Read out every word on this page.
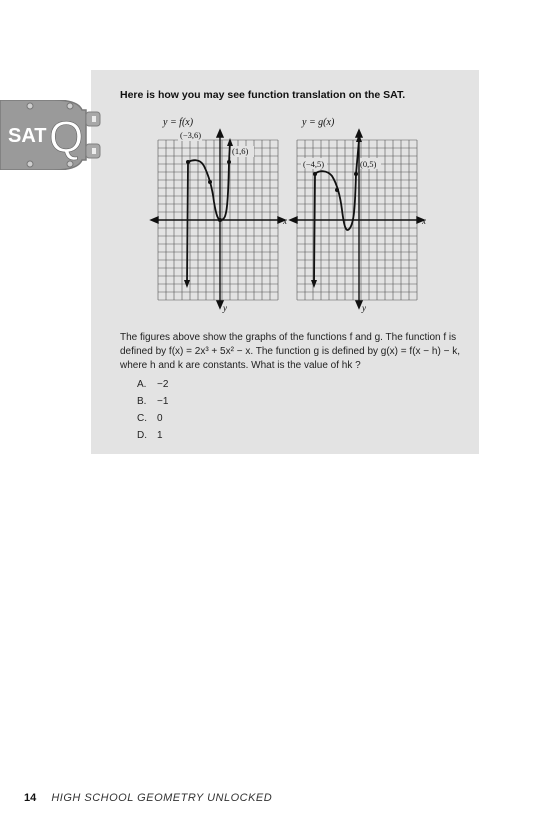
SAT Q
Here is how you may see function translation on the SAT.
y = f(x)
(−3,6)
(1,6)
x
y
y = g(x)
(−4,5)	(0,5)
x
y

The figures above show the graphs of the functions f and g. The function f is

defined by f(x) = 2x³ + 5x² − x. The function g is defined by g(x) = f(x − h) − k,

where h and k are constants. What is the value of hk ?

A. −2
B. −1
C. 0
D. 1
14 HIGH SCHOOL GEOMETRY UNLOCKED
